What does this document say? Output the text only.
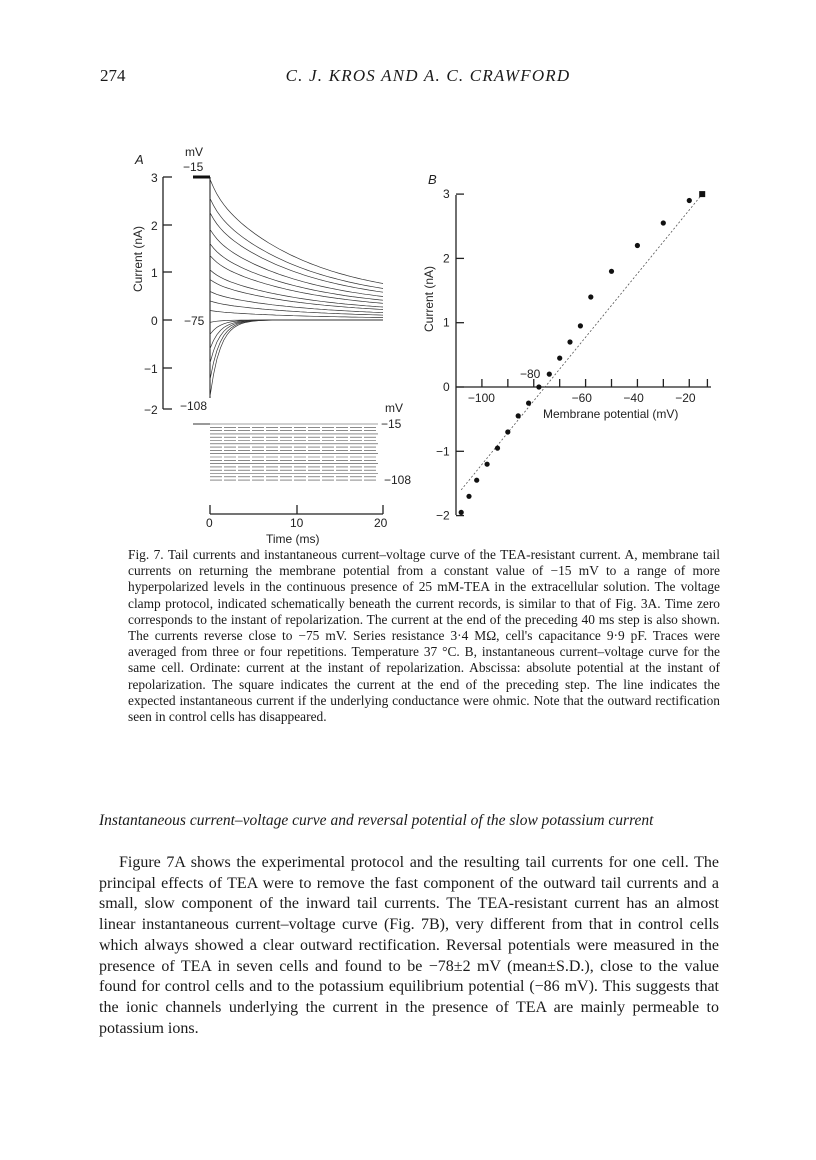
274	C. J. KROS AND A. C. CRAWFORD
A	mV
−15
3
2
1
0
−1
−2
Current (nA)
−75
−108	mV
−15
−108
0	10	20
Time (ms)
B
3
2
1
0
−1
−2
−100	−60	−40	−20
Current (nA)
−80
Membrane potential (mV)
Fig. 7. Tail currents and instantaneous current–voltage curve of the TEA-resistant current. A, membrane tail currents on returning the membrane potential from a constant value of −15 mV to a range of more hyperpolarized levels in the continuous presence of 25 mM-TEA in the extracellular solution. The voltage clamp protocol, indicated schematically beneath the current records, is similar to that of Fig. 3A. Time zero corresponds to the instant of repolarization. The current at the end of the preceding 40 ms step is also shown. The currents reverse close to −75 mV. Series resistance 3·4 MΩ, cell's capacitance 9·9 pF. Traces were averaged from three or four repetitions. Temperature 37 °C. B, instantaneous current–voltage curve for the same cell. Ordinate: current at the instant of repolarization. Abscissa: absolute potential at the instant of repolarization. The square indicates the current at the end of the preceding step. The line indicates the expected instantaneous current if the underlying conductance were ohmic. Note that the outward rectification seen in control cells has disappeared.
Instantaneous current–voltage curve and reversal potential of the slow potassium current
Figure 7A shows the experimental protocol and the resulting tail currents for one cell. The principal effects of TEA were to remove the fast component of the outward tail currents and a small, slow component of the inward tail currents. The TEA-resistant current has an almost linear instantaneous current–voltage curve (Fig. 7B), very different from that in control cells which always showed a clear outward rectification. Reversal potentials were measured in the presence of TEA in seven cells and found to be −78±2 mV (mean±S.D.), close to the value found for control cells and to the potassium equilibrium potential (−86 mV). This suggests that the ionic channels underlying the current in the presence of TEA are mainly permeable to potassium ions.
